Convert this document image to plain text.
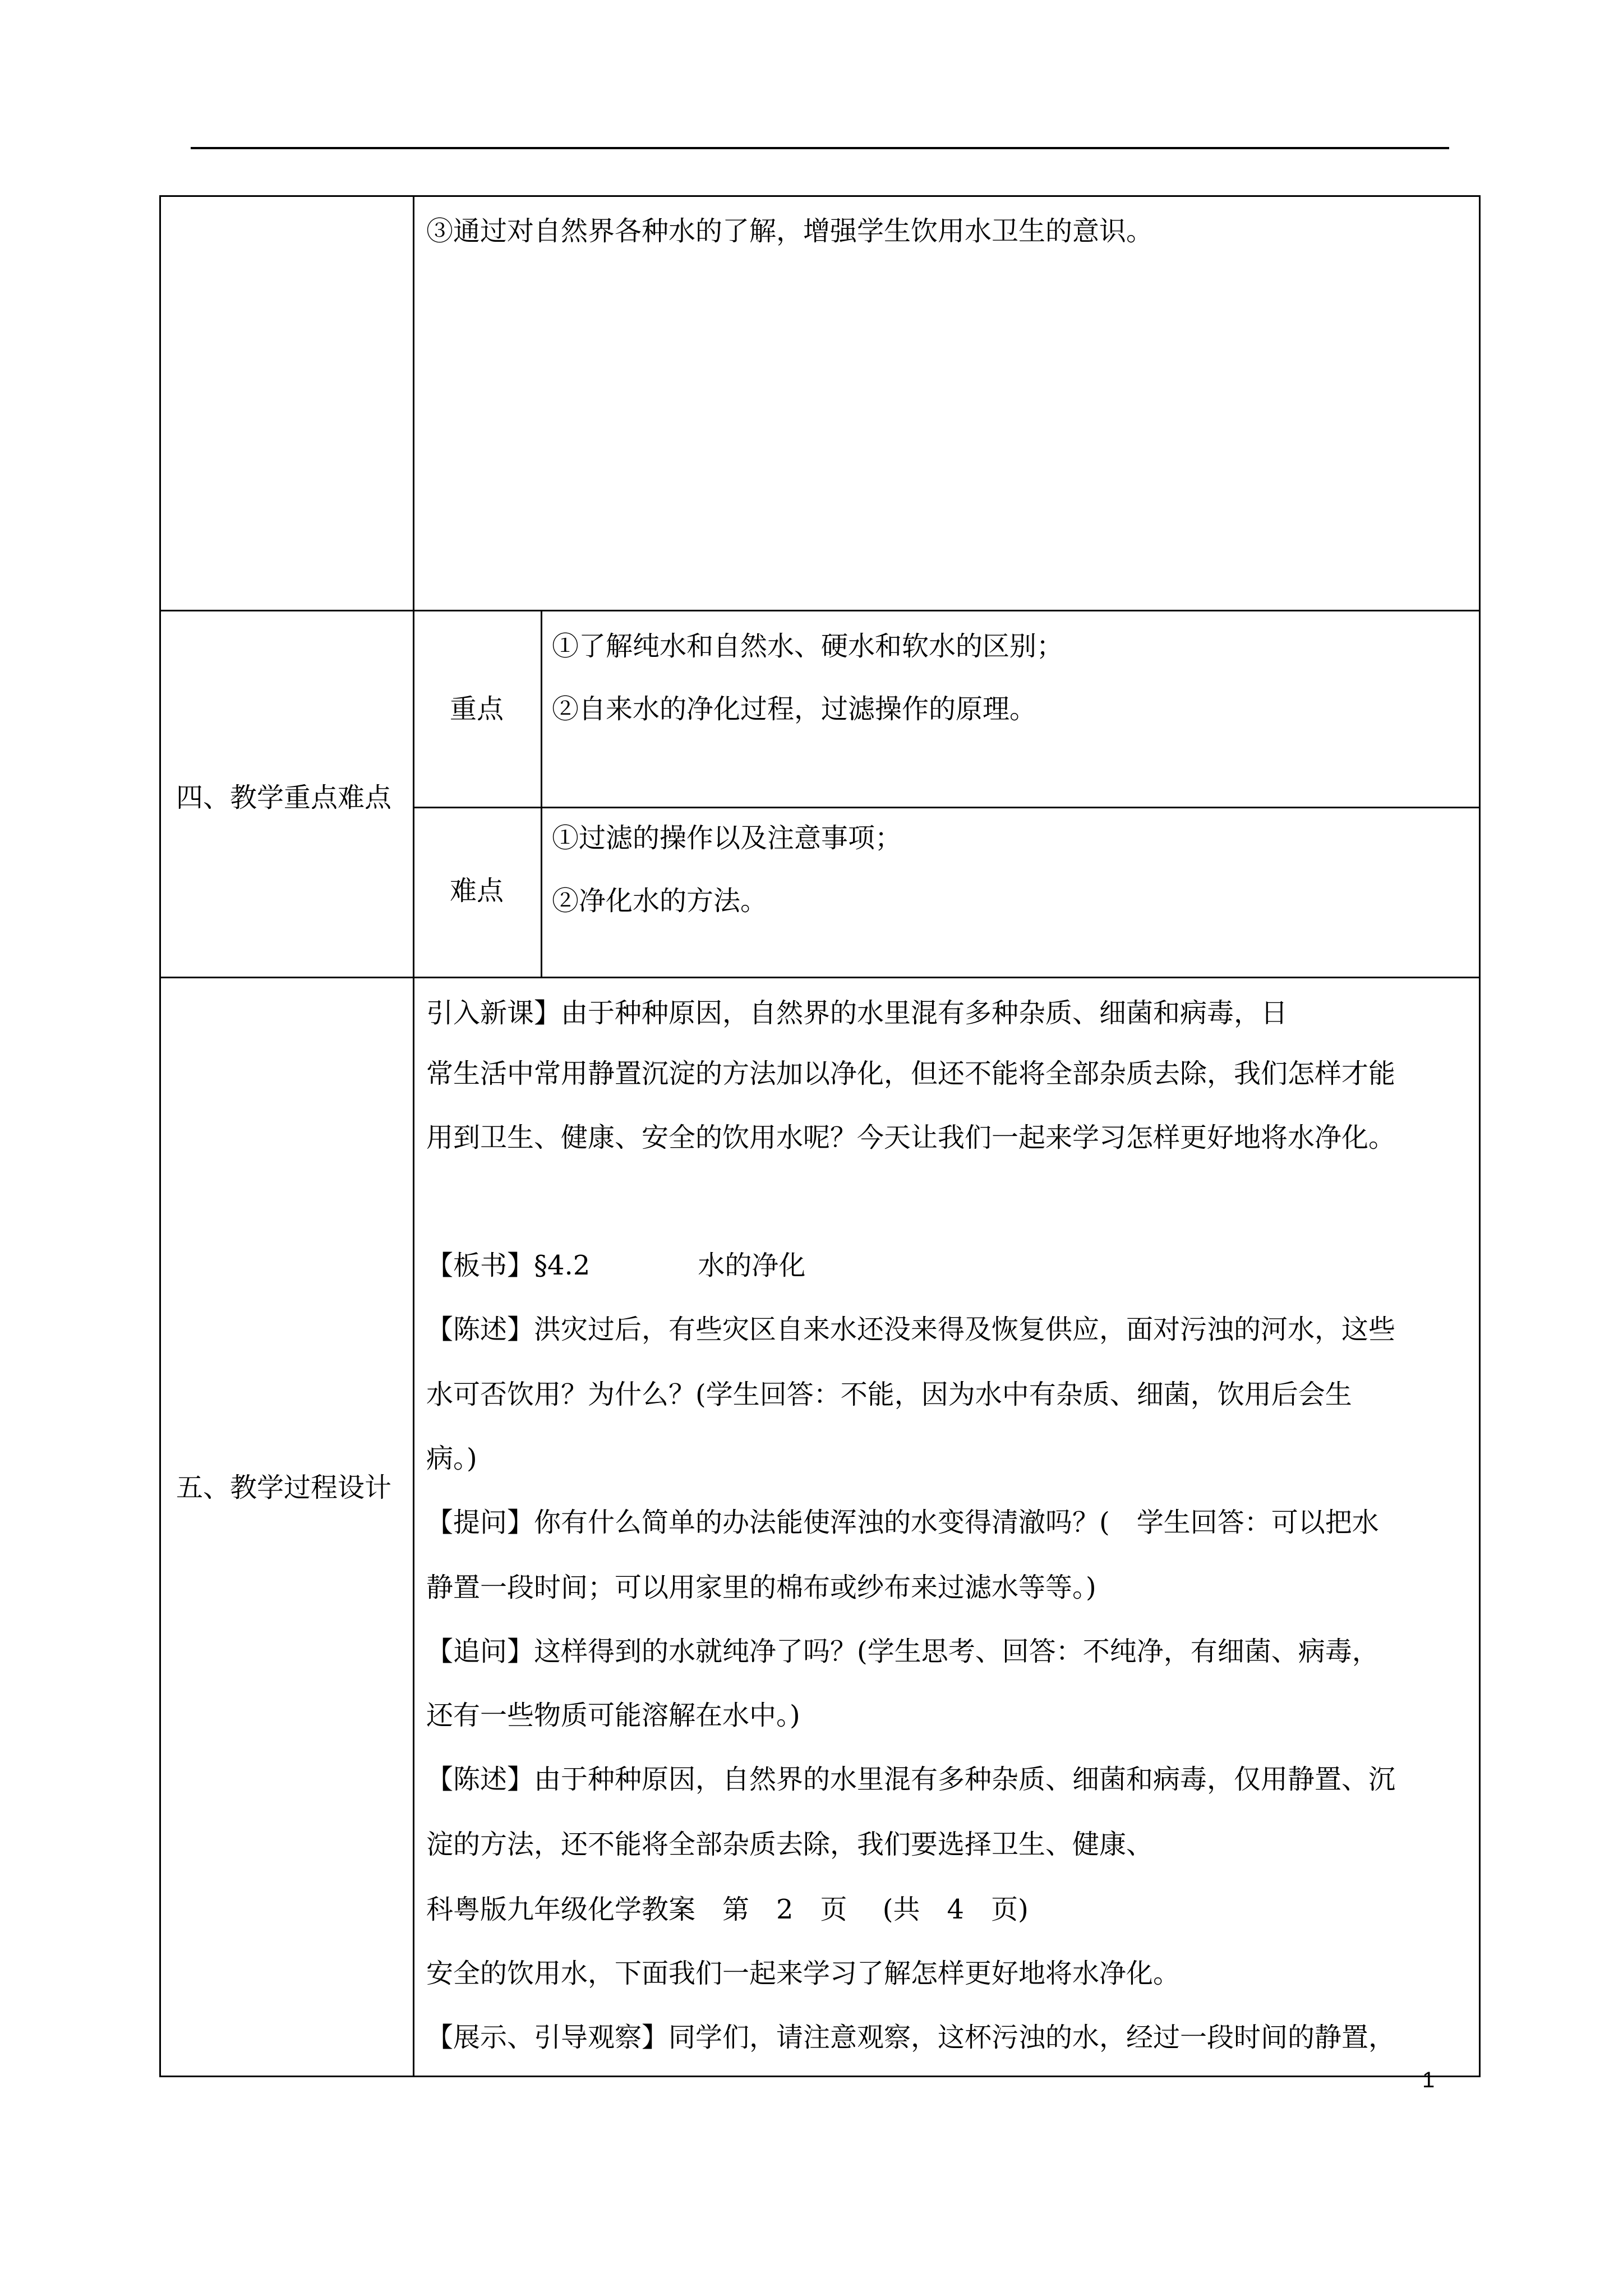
③通过对自然界各种水的了解，增强学生饮用水卫生的意识。
四、教学重点难点
重点
①了解纯水和自然水、硬水和软水的区别；
②自来水的净化过程，过滤操作的原理。
难点
①过滤的操作以及注意事项；
②净化水的方法。
五、教学过程设计
引入新课】由于种种原因，自然界的水里混有多种杂质、细菌和病毒，日
常生活中常用静置沉淀的方法加以净化，但还不能将全部杂质去除，我们怎样才能
用到卫生、健康、安全的饮用水呢？今天让我们一起来学习怎样更好地将水净化。
【板书】§4.2　　　　水的净化
【陈述】洪灾过后，有些灾区自来水还没来得及恢复供应，面对污浊的河水，这些
水可否饮用？为什么？(学生回答：不能，因为水中有杂质、细菌，饮用后会生
病。)
【提问】你有什么简单的办法能使浑浊的水变得清澈吗？(　学生回答：可以把水
静置一段时间；可以用家里的棉布或纱布来过滤水等等。)
【追问】这样得到的水就纯净了吗？(学生思考、回答：不纯净，有细菌、病毒，
还有一些物质可能溶解在水中。)
【陈述】由于种种原因，自然界的水里混有多种杂质、细菌和病毒，仅用静置、沉
淀的方法，还不能将全部杂质去除，我们要选择卫生、健康、
科粤版九年级化学教案　第　2　页　 (共　4　页)
安全的饮用水，下面我们一起来学习了解怎样更好地将水净化。
【展示、引导观察】同学们，请注意观察，这杯污浊的水，经过一段时间的静置，
1
